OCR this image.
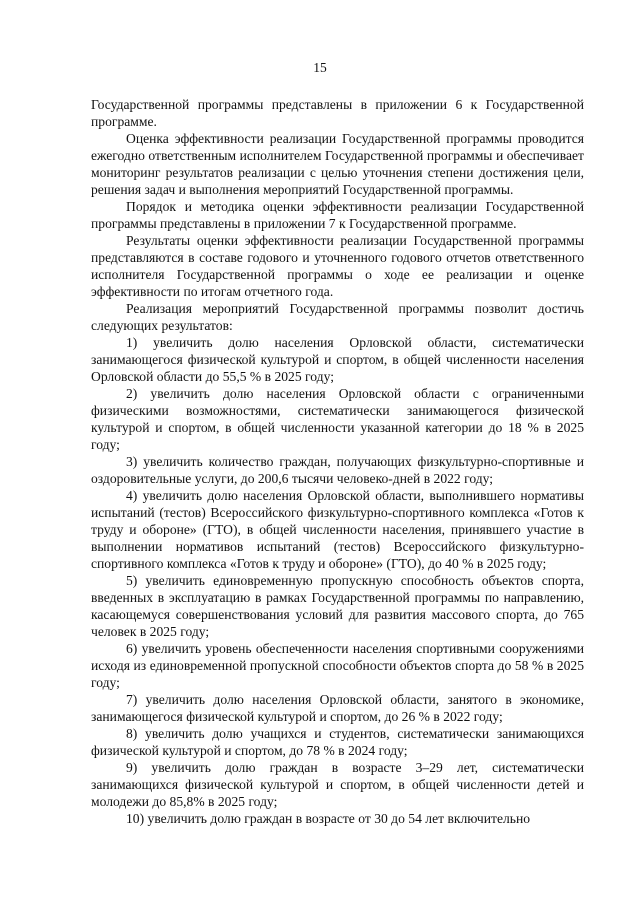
15

Государственной программы представлены в приложении 6 к Государственной программе.

Оценка эффективности реализации Государственной программы проводится ежегодно ответственным исполнителем Государственной программы и обеспечивает мониторинг результатов реализации с целью уточнения степени достижения цели, решения задач и выполнения мероприятий Государственной программы.

Порядок и методика оценки эффективности реализации Государственной программы представлены в приложении 7 к Государственной программе.

Результаты оценки эффективности реализации Государственной программы представляются в составе годового и уточненного годового отчетов ответственного исполнителя Государственной программы о ходе ее реализации и оценке эффективности по итогам отчетного года.

Реализация мероприятий Государственной программы позволит достичь следующих результатов:

1) увеличить долю населения Орловской области, систематически занимающегося физической культурой и спортом, в общей численности населения Орловской области до 55,5 % в 2025 году;

2) увеличить долю населения Орловской области с ограниченными физическими возможностями, систематически занимающегося физической культурой и спортом, в общей численности указанной категории до 18 % в 2025 году;

3) увеличить количество граждан, получающих физкультурно-спортивные и оздоровительные услуги, до 200,6 тысячи человеко-дней в 2022 году;

4) увеличить долю населения Орловской области, выполнившего нормативы испытаний (тестов) Всероссийского физкультурно-спортивного комплекса «Готов к труду и обороне» (ГТО), в общей численности населения, принявшего участие в выполнении нормативов испытаний (тестов) Всероссийского физкультурно-спортивного комплекса «Готов к труду и обороне» (ГТО), до 40 % в 2025 году;

5) увеличить единовременную пропускную способность объектов спорта, введенных в эксплуатацию в рамках Государственной программы по направлению, касающемуся совершенствования условий для развития массового спорта, до 765 человек в 2025 году;

6) увеличить уровень обеспеченности населения спортивными сооружениями исходя из единовременной пропускной способности объектов спорта до 58 % в 2025 году;

7) увеличить долю населения Орловской области, занятого в экономике, занимающегося физической культурой и спортом, до 26 % в 2022 году;

8) увеличить долю учащихся и студентов, систематически занимающихся физической культурой и спортом, до 78 % в 2024 году;

9) увеличить долю граждан в возрасте 3–29 лет, систематически занимающихся физической культурой и спортом, в общей численности детей и молодежи до 85,8% в 2025 году;

10) увеличить долю граждан в возрасте от 30 до 54 лет включительно
